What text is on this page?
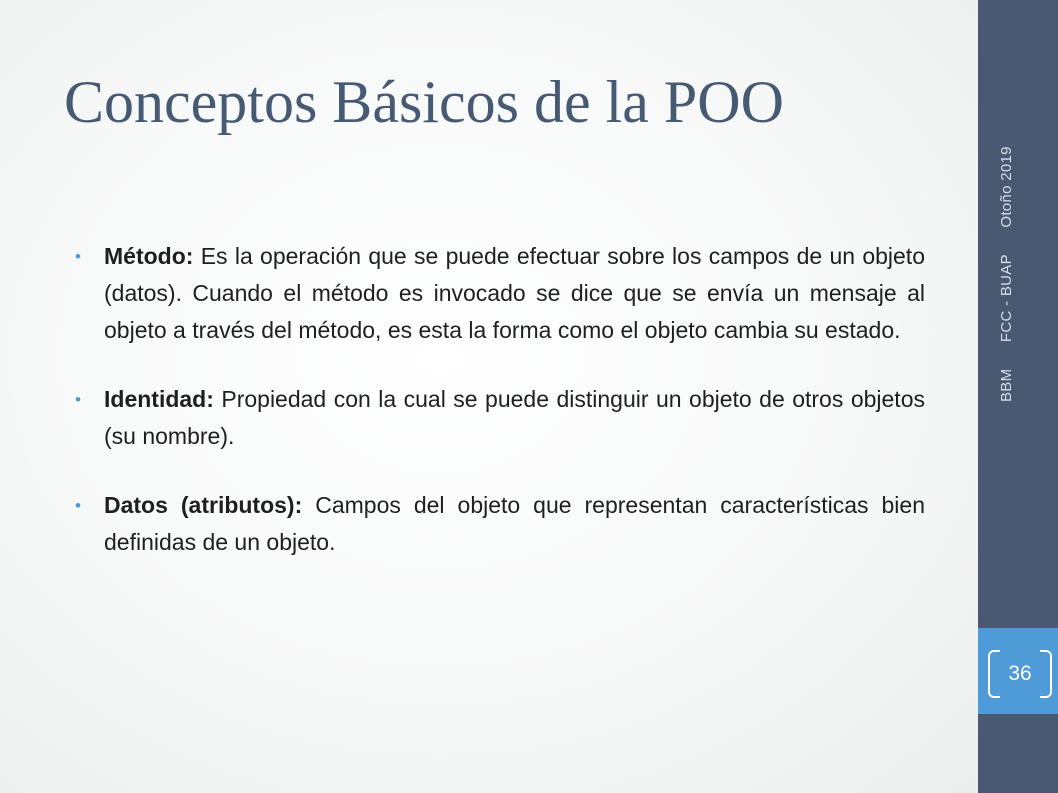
Conceptos Básicos de la POO
• Método: Es la operación que se puede efectuar sobre los campos de un objeto (datos). Cuando el método es invocado se dice que se envía un mensaje al objeto a través del método, es esta la forma como el objeto cambia su estado.
• Identidad: Propiedad con la cual se puede distinguir un objeto de otros objetos (su nombre).
• Datos (atributos): Campos del objeto que representan características bien definidas de un objeto.
BBM FCC - BUAP Otoño 2019
36
